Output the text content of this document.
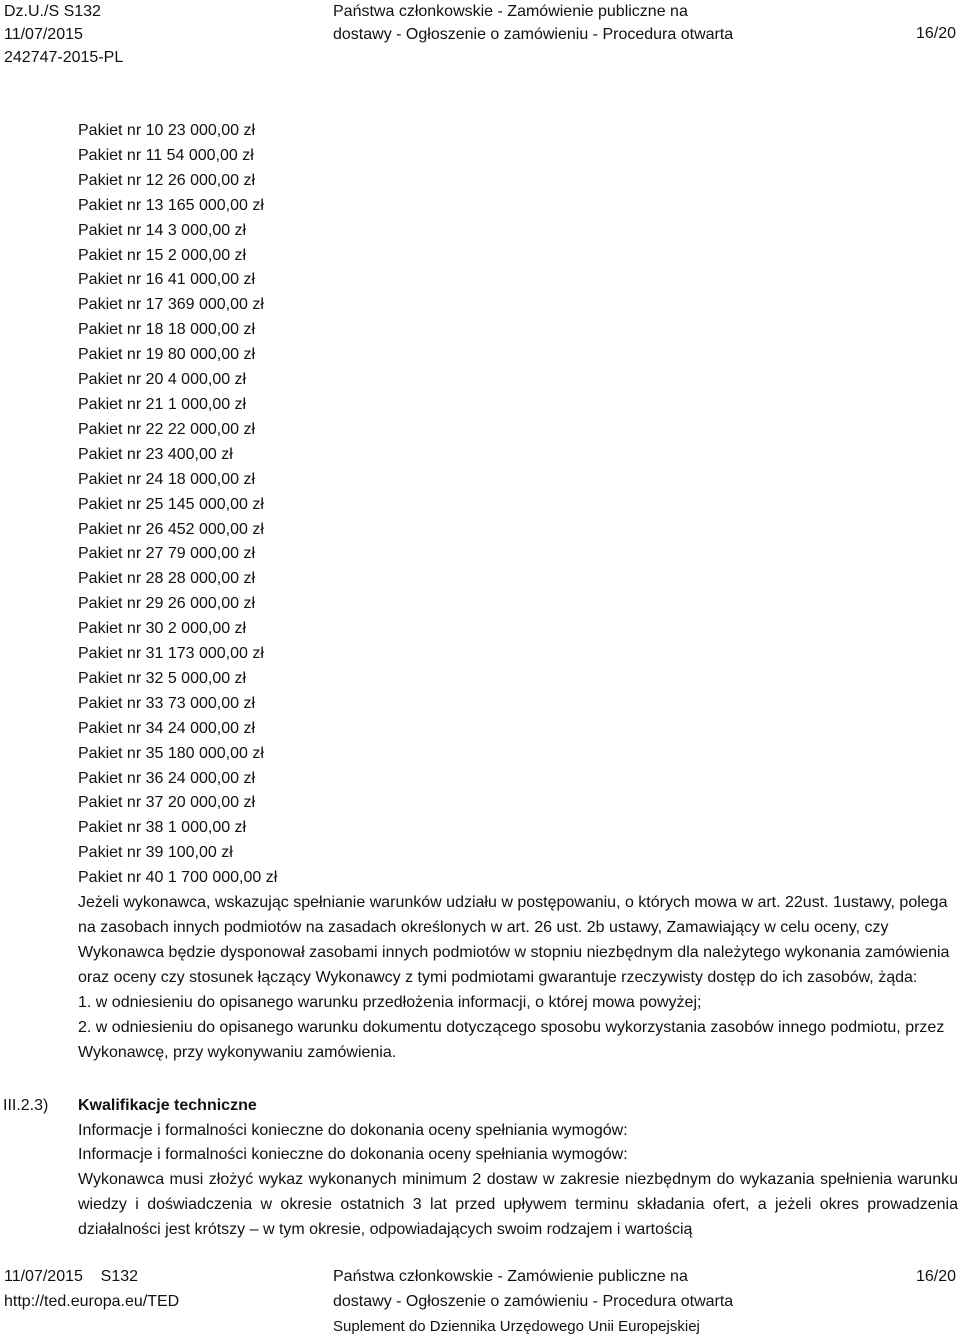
Dz.U./S S132
11/07/2015
242747-2015-PL
Państwa członkowskie - Zamówienie publiczne na
dostawy - Ogłoszenie o zamówieniu - Procedura otwarta	16/20
Pakiet nr 10 23 000,00 zł
Pakiet nr 11 54 000,00 zł
Pakiet nr 12 26 000,00 zł
Pakiet nr 13 165 000,00 zł
Pakiet nr 14 3 000,00 zł
Pakiet nr 15 2 000,00 zł
Pakiet nr 16 41 000,00 zł
Pakiet nr 17 369 000,00 zł
Pakiet nr 18 18 000,00 zł
Pakiet nr 19 80 000,00 zł
Pakiet nr 20 4 000,00 zł
Pakiet nr 21 1 000,00 zł
Pakiet nr 22 22 000,00 zł
Pakiet nr 23 400,00 zł
Pakiet nr 24 18 000,00 zł
Pakiet nr 25 145 000,00 zł
Pakiet nr 26 452 000,00 zł
Pakiet nr 27 79 000,00 zł
Pakiet nr 28 28 000,00 zł
Pakiet nr 29 26 000,00 zł
Pakiet nr 30 2 000,00 zł
Pakiet nr 31 173 000,00 zł
Pakiet nr 32 5 000,00 zł
Pakiet nr 33 73 000,00 zł
Pakiet nr 34 24 000,00 zł
Pakiet nr 35 180 000,00 zł
Pakiet nr 36 24 000,00 zł
Pakiet nr 37 20 000,00 zł
Pakiet nr 38 1 000,00 zł
Pakiet nr 39 100,00 zł
Pakiet nr 40 1 700 000,00 zł
Jeżeli wykonawca, wskazując spełnianie warunków udziału w postępowaniu, o których mowa w art. 22ust. 1ustawy, polega na zasobach innych podmiotów na zasadach określonych w art. 26 ust. 2b ustawy, Zamawiający w celu oceny, czy Wykonawca będzie dysponował zasobami innych podmiotów w stopniu niezbędnym dla należytego wykonania zamówienia oraz oceny czy stosunek łączący Wykonawcy z tymi podmiotami gwarantuje rzeczywisty dostęp do ich zasobów, żąda:
1. w odniesieniu do opisanego warunku przedłożenia informacji, o której mowa powyżej;
2. w odniesieniu do opisanego warunku dokumentu dotyczącego sposobu wykorzystania zasobów innego podmiotu, przez Wykonawcę, przy wykonywaniu zamówienia.
III.2.3) Kwalifikacje techniczne
Informacje i formalności konieczne do dokonania oceny spełniania wymogów:
Informacje i formalności konieczne do dokonania oceny spełniania wymogów:
Wykonawca musi złożyć wykaz wykonanych minimum 2 dostaw w zakresie niezbędnym do wykazania spełnienia warunku wiedzy i doświadczenia w okresie ostatnich 3 lat przed upływem terminu składania ofert, a jeżeli okres prowadzenia działalności jest krótszy – w tym okresie, odpowiadających swoim rodzajem i wartością
11/07/2015    S132
http://ted.europa.eu/TED
Państwa członkowskie - Zamówienie publiczne na
dostawy - Ogłoszenie o zamówieniu - Procedura otwarta
Suplement do Dziennika Urzędowego Unii Europejskiej
16/20
